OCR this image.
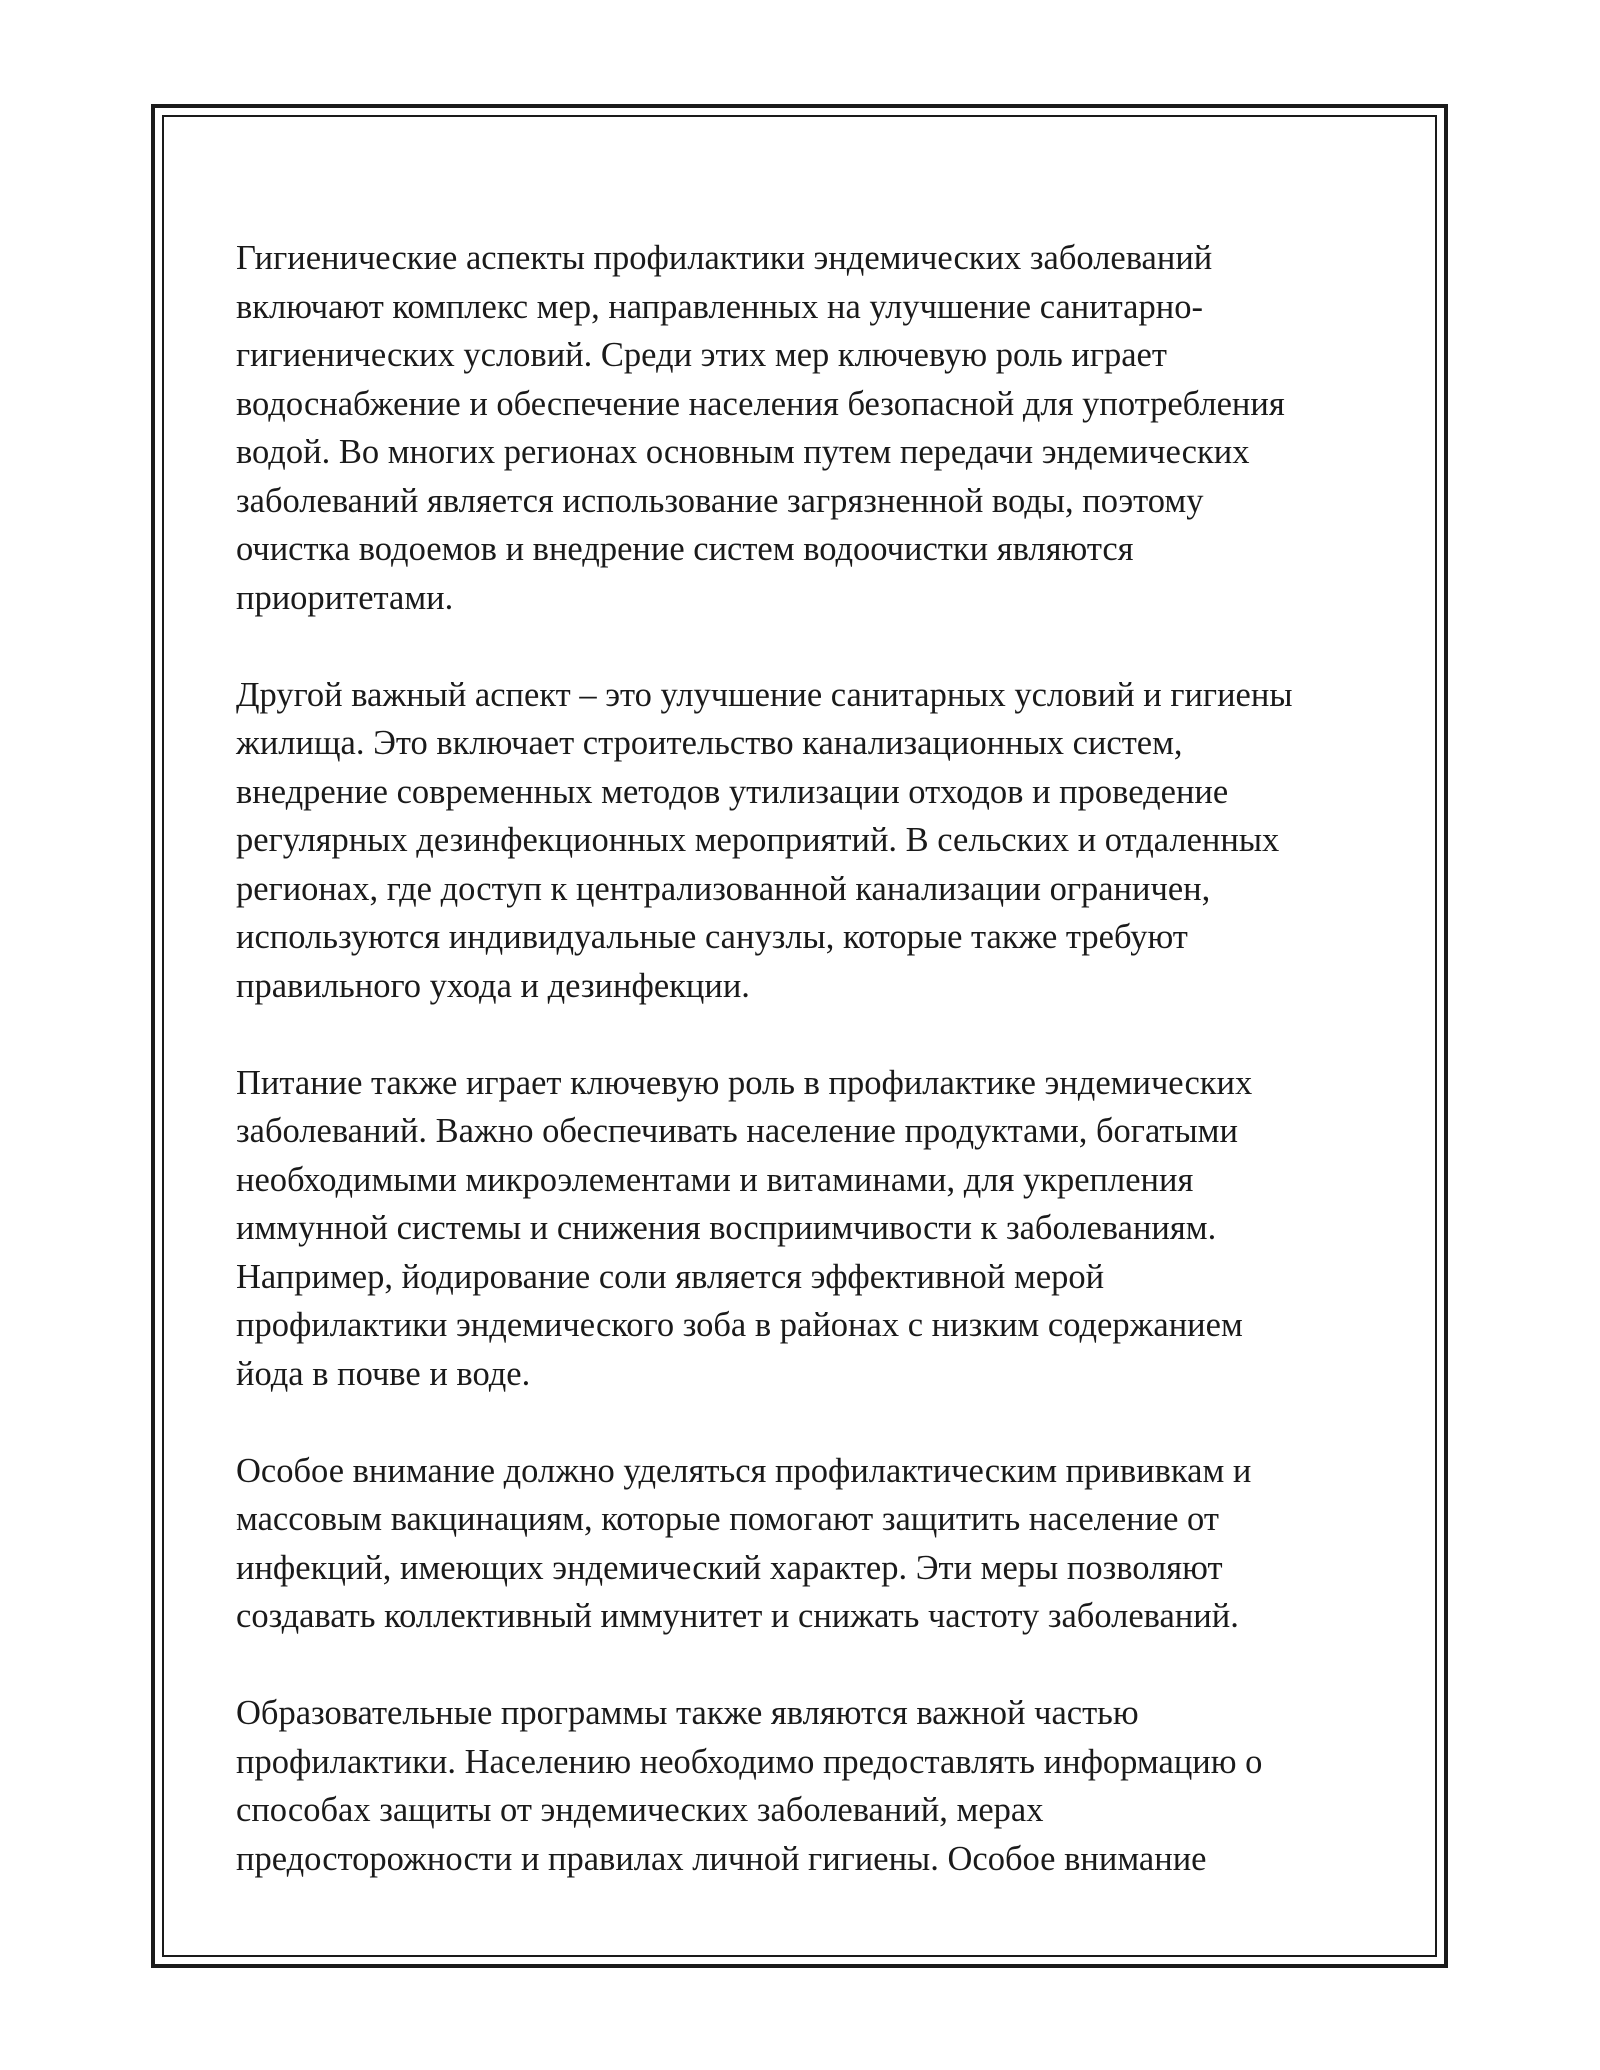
Гигиенические аспекты профилактики эндемических заболеваний
включают комплекс мер, направленных на улучшение санитарно-
гигиенических условий. Среди этих мер ключевую роль играет
водоснабжение и обеспечение населения безопасной для употребления
водой. Во многих регионах основным путем передачи эндемических
заболеваний является использование загрязненной воды, поэтому
очистка водоемов и внедрение систем водоочистки являются
приоритетами.

Другой важный аспект – это улучшение санитарных условий и гигиены
жилища. Это включает строительство канализационных систем,
внедрение современных методов утилизации отходов и проведение
регулярных дезинфекционных мероприятий. В сельских и отдаленных
регионах, где доступ к централизованной канализации ограничен,
используются индивидуальные санузлы, которые также требуют
правильного ухода и дезинфекции.

Питание также играет ключевую роль в профилактике эндемических
заболеваний. Важно обеспечивать население продуктами, богатыми
необходимыми микроэлементами и витаминами, для укрепления
иммунной системы и снижения восприимчивости к заболеваниям.
Например, йодирование соли является эффективной мерой
профилактики эндемического зоба в районах с низким содержанием
йода в почве и воде.

Особое внимание должно уделяться профилактическим прививкам и
массовым вакцинациям, которые помогают защитить население от
инфекций, имеющих эндемический характер. Эти меры позволяют
создавать коллективный иммунитет и снижать частоту заболеваний.

Образовательные программы также являются важной частью
профилактики. Населению необходимо предоставлять информацию о
способах защиты от эндемических заболеваний, мерах
предосторожности и правилах личной гигиены. Особое внимание
